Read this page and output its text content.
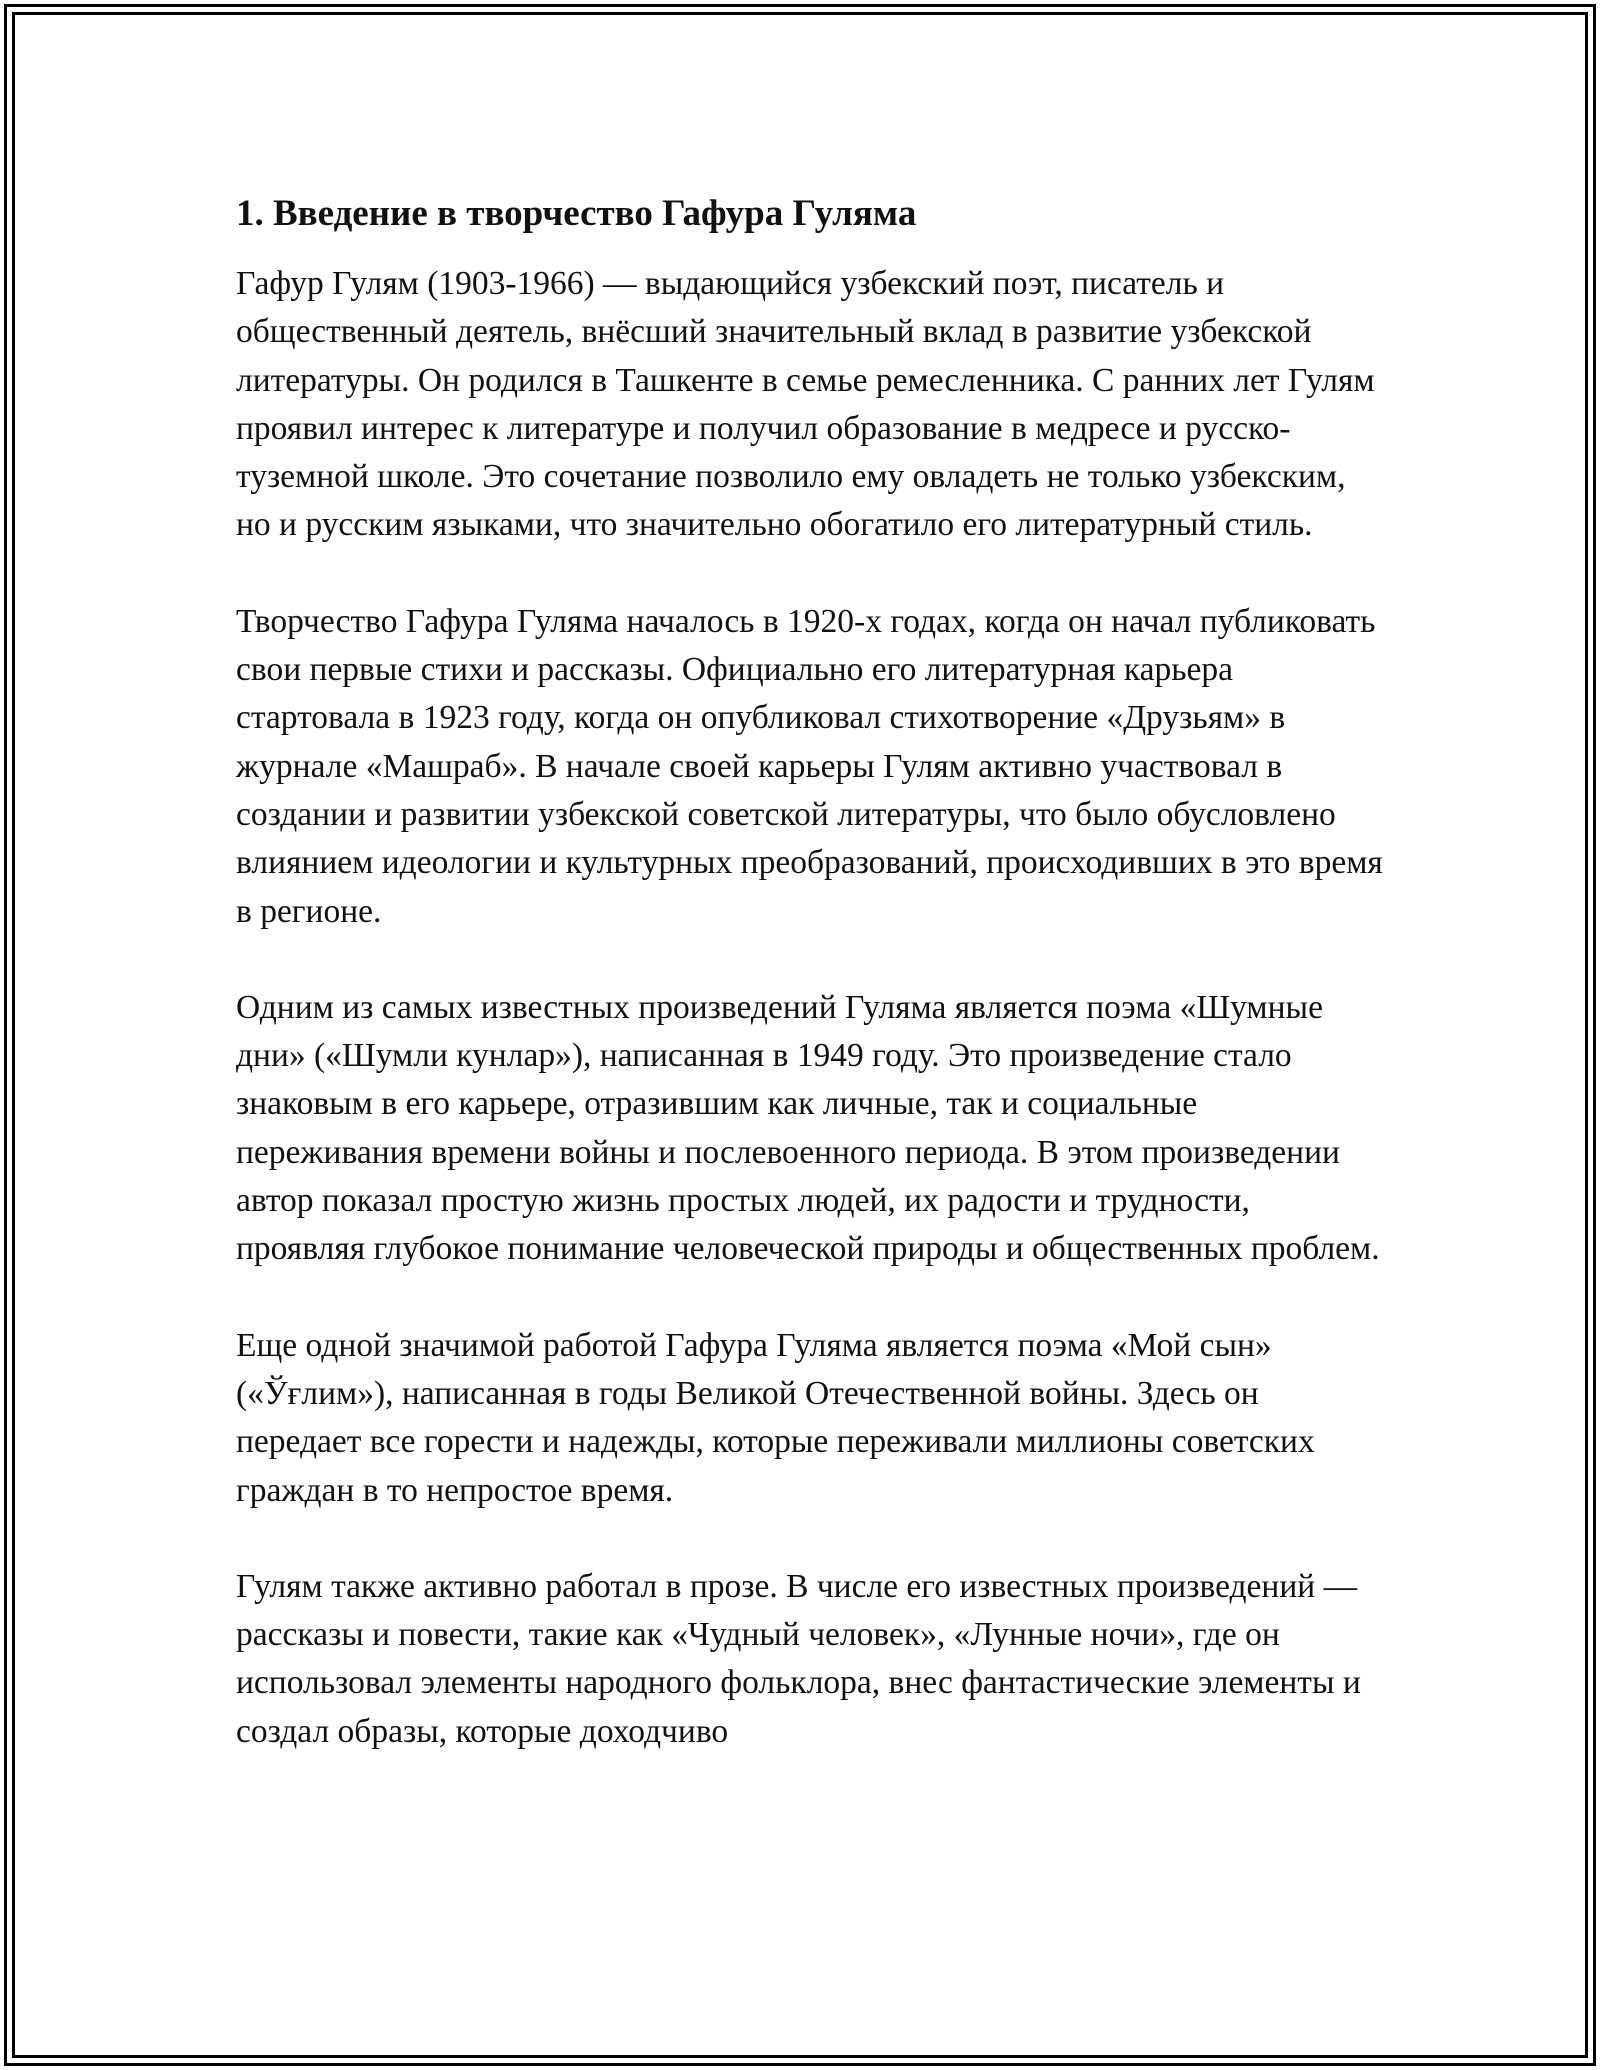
1. Введение в творчество Гафура Гуляма

Гафур Гулям (1903-1966) — выдающийся узбекский поэт, писатель и общественный деятель, внёсший значительный вклад в развитие узбекской литературы. Он родился в Ташкенте в семье ремесленника. С ранних лет Гулям проявил интерес к литературе и получил образование в медресе и русско-туземной школе. Это сочетание позволило ему овладеть не только узбекским, но и русским языками, что значительно обогатило его литературный стиль.

Творчество Гафура Гуляма началось в 1920-х годах, когда он начал публиковать свои первые стихи и рассказы. Официально его литературная карьера стартовала в 1923 году, когда он опубликовал стихотворение «Друзьям» в журнале «Машраб». В начале своей карьеры Гулям активно участвовал в создании и развитии узбекской советской литературы, что было обусловлено влиянием идеологии и культурных преобразований, происходивших в это время в регионе.

Одним из самых известных произведений Гуляма является поэма «Шумные дни» («Шумли кунлар»), написанная в 1949 году. Это произведение стало знаковым в его карьере, отразившим как личные, так и социальные переживания времени войны и послевоенного периода. В этом произведении автор показал простую жизнь простых людей, их радости и трудности, проявляя глубокое понимание человеческой природы и общественных проблем.

Еще одной значимой работой Гафура Гуляма является поэма «Мой сын» («Ўғлим»), написанная в годы Великой Отечественной войны. Здесь он передает все горести и надежды, которые переживали миллионы советских граждан в то непростое время.

Гулям также активно работал в прозе. В числе его известных произведений — рассказы и повести, такие как «Чудный человек», «Лунные ночи», где он использовал элементы народного фольклора, внес фантастические элементы и создал образы, которые доходчиво
